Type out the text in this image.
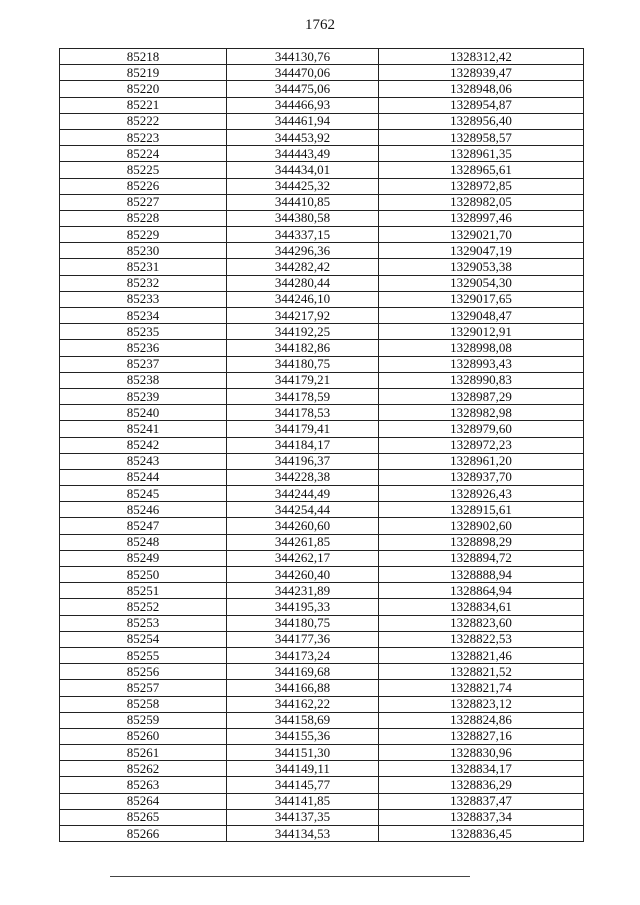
1762
85218	344130,76	1328312,42
85219	344470,06	1328939,47
85220	344475,06	1328948,06
85221	344466,93	1328954,87
85222	344461,94	1328956,40
85223	344453,92	1328958,57
85224	344443,49	1328961,35
85225	344434,01	1328965,61
85226	344425,32	1328972,85
85227	344410,85	1328982,05
85228	344380,58	1328997,46
85229	344337,15	1329021,70
85230	344296,36	1329047,19
85231	344282,42	1329053,38
85232	344280,44	1329054,30
85233	344246,10	1329017,65
85234	344217,92	1329048,47
85235	344192,25	1329012,91
85236	344182,86	1328998,08
85237	344180,75	1328993,43
85238	344179,21	1328990,83
85239	344178,59	1328987,29
85240	344178,53	1328982,98
85241	344179,41	1328979,60
85242	344184,17	1328972,23
85243	344196,37	1328961,20
85244	344228,38	1328937,70
85245	344244,49	1328926,43
85246	344254,44	1328915,61
85247	344260,60	1328902,60
85248	344261,85	1328898,29
85249	344262,17	1328894,72
85250	344260,40	1328888,94
85251	344231,89	1328864,94
85252	344195,33	1328834,61
85253	344180,75	1328823,60
85254	344177,36	1328822,53
85255	344173,24	1328821,46
85256	344169,68	1328821,52
85257	344166,88	1328821,74
85258	344162,22	1328823,12
85259	344158,69	1328824,86
85260	344155,36	1328827,16
85261	344151,30	1328830,96
85262	344149,11	1328834,17
85263	344145,77	1328836,29
85264	344141,85	1328837,47
85265	344137,35	1328837,34
85266	344134,53	1328836,45
